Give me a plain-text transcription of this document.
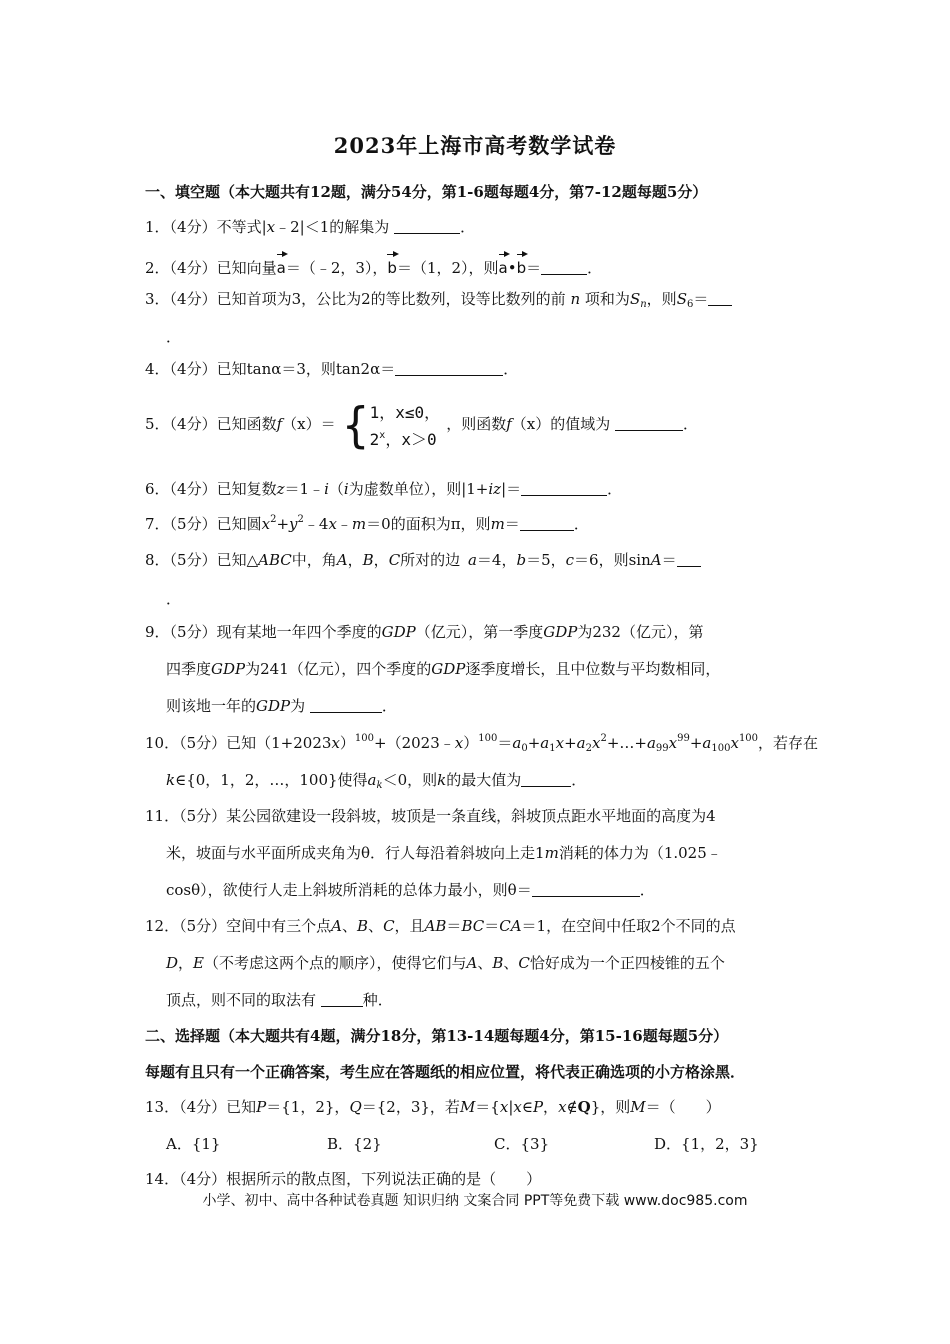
2023年上海市高考数学试卷
一、填空题（本大题共有12题，满分54分，第1-6题每题4分，第7-12题每题5分）
1．（4分）不等式|x﹣2|＜1的解集为	．
2．（4分）已知向量a＝（﹣2，3），b＝（1，2），则a•b＝	．
3．（4分）已知首项为3，公比为2的等比数列，设等比数列的前 n 项和为$S_n$，则$S_6=$
．
4．（4分）已知tanα＝3，则tan2α＝	．
5．（4分）已知函数f（x）＝ {1，x≤0，
2$^x$，x＞0，则函数f（x）的值域为	．
6．（4分）已知复数z＝1﹣i（i为虚数单位），则|1+iz|＝	．
7．（5分）已知圆$x^2+y^2﹣4x﹣m=0$的面积为π，则m＝	．
8．（5分）已知△ABC中，角A，B，C所对的边 a＝4，b＝5，c＝6，则sinA＝
．
9．（5分）现有某地一年四个季度的GDP（亿元），第一季度GDP为232（亿元），第
四季度GDP为241（亿元），四个季度的GDP逐季度增长，且中位数与平均数相同，
则该地一年的GDP为	．
10．（5分）已知$(1+2023x)^{100}+(2023﹣x)^{100}=a_0+a_1x+a_2x^2+\dots+a_{99}x^{99}+a_{100}x^{100}$，若存在
k∈{0，1，2，…，100}使得$a_k<0$，则k的最大值为	．
11．（5分）某公园欲建设一段斜坡，坡顶是一条直线，斜坡顶点距水平地面的高度为4
米，坡面与水平面所成夹角为θ．行人每沿着斜坡向上走1m消耗的体力为（1.025﹣
cosθ），欲使行人走上斜坡所消耗的总体力最小，则θ＝	．
12．（5分）空间中有三个点A、B、C，且AB＝BC＝CA＝1，在空间中任取2个不同的点
D，E（不考虑这两个点的顺序），使得它们与A、B、C恰好成为一个正四棱锥的五个
顶点，则不同的取法有	种．
二、选择题（本大题共有4题，满分18分，第13-14题每题4分，第15-16题每题5分）
每题有且只有一个正确答案，考生应在答题纸的相应位置，将代表正确选项的小方格涂黑．
13．（4分）已知P＝{1，2}，Q＝{2，3}，若M＝{x|x∈P，x∉Q}，则M＝（　　）
A．{1}	B．{2}	C．{3}	D．{1，2，3}
14．（4分）根据所示的散点图，下列说法正确的是（　　）
小学、初中、高中各种试卷真题 知识归纳 文案合同 PPT等免费下载 www.doc985.com
